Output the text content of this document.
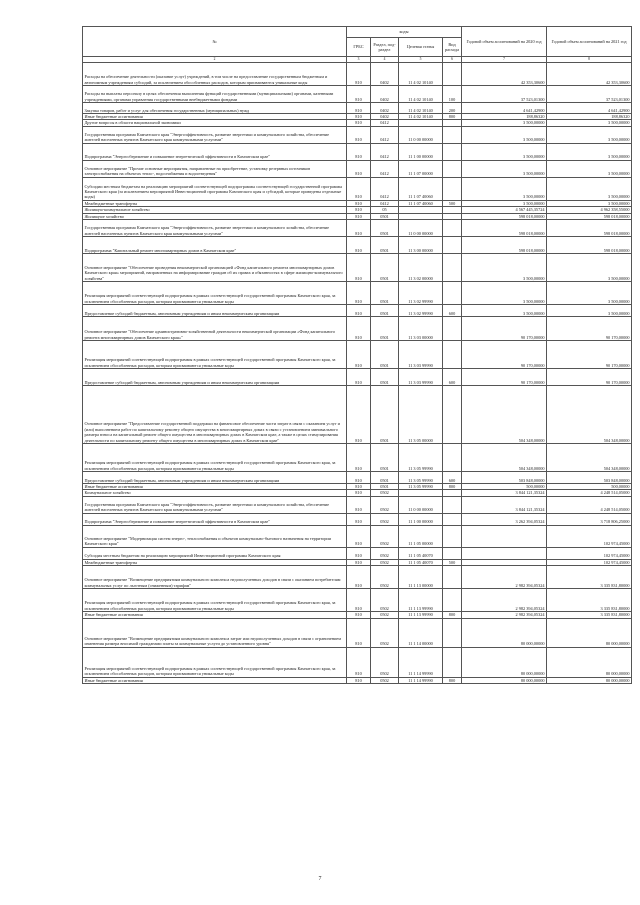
№	коды				Годовой объем ассигнований на 2020 год	Годовой объем ассигнований на 2021 год
	ГРБС	Раздел, под-раздел	Целевая статья	Вид расхода		
2	3	4	5	6	7	8
Расходы на обеспечение деятельности (оказание услуг) учреждений, в том числе на предоставление государственным бюджетным и автономным учреждениям субсидий, за исключением обособленных расходов, которым присваиваются уникальные коды	810	0402	11 4 02 10140		42 353,30600	42 353,30600
Расходы на выплаты персоналу в целях обеспечения выполнения функций государственными (муниципальными) органами, казенными учреждениями, органами управления государственными внебюджетными фондами	810	0402	11 4 02 10140	100	37 523,01300	37 523,01300
Закупка товаров, работ и услуг для обеспечения государственных (муниципальных) нужд	810	0402	11 4 02 10140	200	4 641,42900	4 641,42900
Иные бюджетные ассигнования	810	0402	11 4 02 10140	800	188,86320	188,86320
Другие вопросы в области национальной экономики	810	0412			3 500,00000	3 500,00000
Государственная программа Камчатского края "Энергоэффективность, развитие энергетики и коммунального хозяйства, обеспечение жителей населенных пунктов Камчатского края коммунальными услугами"	810	0412	11 0 00 00000		3 500,00000	3 500,00000
Подпрограмма "Энергосбережение и повышение энергетической эффективности в Камчатском крае"	810	0412	11 1 00 00000		3 500,00000	3 500,00000
Основное мероприятие "Прочие основные мероприятия, направленные на приобретение, установку резервных источников электроснабжения на объектах тепло-, водоснабжения и водоотведения"	810	0412	11 1 07 00000		3 500,00000	3 500,00000
Субсидии местным бюджетам на реализацию мероприятий соответствующей подпрограммы соответствующей государственной программы Камчатского края (за исключением мероприятий Инвестиционной программы Камчатского края и субсидий, которые приведены отдельные коды)	810	0412	11 1 07 40060		3 500,00000	3 500,00000
Межбюджетные трансферты	810	0412	11 1 07 40060	500	3 500,00000	3 500,00000
Жилищно-коммунальное хозяйство	810	05			4 567 445,35724	4 962 358,55000
Жилищное хозяйство	810	0501			598 018,00000	598 018,00000
Государственная программа Камчатского края "Энергоэффективность, развитие энергетики и коммунального хозяйства, обеспечение жителей населенных пунктов Камчатского края коммунальными услугами"	810	0501	11 0 00 00000		598 018,00000	598 018,00000
Подпрограмма "Капитальный ремонт многоквартирных домов в Камчатском крае"	810	0501	11 3 00 00000		598 018,00000	598 018,00000
Основное мероприятие "Обеспечение проведения некоммерческой организацией «Фонд капитального ремонта многоквартирных домов Камчатского края» мероприятий, направленных на информирование граждан об их правах и обязанностях в сфере жилищно-коммунального хозяйства"	810	0501	11 3 02 00000		3 500,00000	3 500,00000
Реализация мероприятий соответствующей подпрограммы в рамках соответствующей государственной программы Камчатского края, за исключением обособленных расходов, которым присваиваются уникальные коды	810	0501	11 3 02 99990		3 500,00000	3 500,00000
Предоставление субсидий бюджетным, автономным учреждениям и иным некоммерческим организациям	810	0501	11 3 02 99990	600	3 500,00000	3 500,00000
Основное мероприятие "Обеспечение административно-хозяйственной деятельности некоммерческой организации «Фонд капитального ремонта многоквартирных домов Камчатского края»"	810	0501	11 3 03 00000		90 170,00000	90 170,00000
Реализация мероприятий соответствующей подпрограммы в рамках соответствующей государственной программы Камчатского края, за исключением обособленных расходов, которым присваиваются уникальные коды	810	0501	11 3 03 99990		90 170,00000	90 170,00000
Предоставление субсидий бюджетным, автономным учреждениям и иным некоммерческим организациям	810	0501	11 3 03 99990	600	90 170,00000	90 170,00000
Основное мероприятие "Предоставление государственной поддержки на финансовое обеспечение части затрат в связи с оказанием услуг и (или) выполнением работ по капитальному ремонту общего имущества в многоквартирных домах в связи с установлением минимального размера взноса на капитальный ремонт общего имущества в многоквартирных домах в Камчатском крае, а также в целях стимулирования деятельности по капитальному ремонту общего имущества в многоквартирных домах в Камчатском крае"	810	0501	11 3 05 00000		504 348,00000	504 348,00000
Реализация мероприятий соответствующей подпрограммы в рамках соответствующей государственной программы Камчатского края, за исключением обособленных расходов, которым присваиваются уникальные коды	810	0501	11 3 05 99990		504 348,00000	504 348,00000
Предоставление субсидий бюджетным, автономным учреждениям и иным некоммерческим организациям	810	0501	11 3 05 99990	600	503 848,00000	503 848,00000
Иные бюджетные ассигнования	810	0501	11 3 05 99990	800	500,00000	500,00000
Коммунальное хозяйство	810	0502			3 844 121,35324	4 248 514,05000
Государственная программа Камчатского края "Энергоэффективность, развитие энергетики и коммунального хозяйства, обеспечение жителей населенных пунктов Камчатского края коммунальными услугами"	810	0502	11 0 00 00000		3 844 121,35324	4 248 514,05000
Подпрограмма "Энергосбережение и повышение энергетической эффективности в Камчатском крае"	810	0502	11 1 00 00000		3 262 394,05324	3 718 806,25000
Основное мероприятие "Модернизация систем энерго-, теплоснабжения и объектов коммунально-бытового назначения на территории Камчатского края"	810	0502	11 1 05 00000			102 974,45000
Субсидия местным бюджетам на реализацию мероприятий Инвестиционной программы Камчатского края	810	0502	11 1 05 40070			102 974,45000
Межбюджетные трансферты	810	0502	11 1 05 40070	500		102 974,45000
Основное мероприятие "Возмещение предприятиям коммунального комплекса недополученных доходов в связи с оказанием потребителям коммунальных услуг по льготным (сниженным) тарифам"	810	0502	11 1 13 00000		2 982 394,05324	3 335 831,80000
Реализация мероприятий соответствующей подпрограммы в рамках соответствующей государственной программы Камчатского края, за исключением обособленных расходов, которым присваиваются уникальные коды	810	0502	11 1 13 99990		2 982 394,05324	3 335 831,80000
Иные бюджетные ассигнования	810	0502	11 1 13 99990	800	2 982 394,05324	3 335 831,80000
Основное мероприятие "Возмещение предприятиям коммунального комплекса затрат или недополученных доходов в связи с ограничением изменения размера вносимой гражданами платы за коммунальные услуги до установленного уровня"	810	0502	11 1 14 00000		80 000,00000	80 000,00000
Реализация мероприятий соответствующей подпрограммы в рамках соответствующей государственной программы Камчатского края, за исключением обособленных расходов, которым присваиваются уникальные коды	810	0502	11 1 14 99990		80 000,00000	80 000,00000
Иные бюджетные ассигнования	810	0502	11 1 14 99990	800	80 000,00000	80 000,00000
7
